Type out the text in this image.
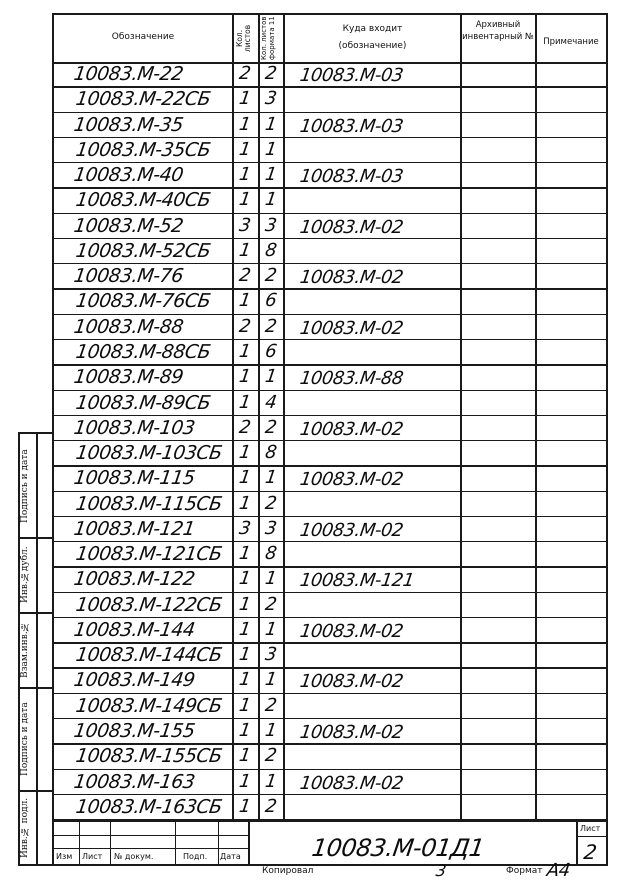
Обозначение	Кол. листов	Кол. листов формата 11	Куда входит
(обозначение)
Архивный инвентарный №	Примечание
10083.М-22	2 2 10083.М-03
10083.М-22СБ 1 3
10083.М-35	1 1 10083.М-03
10083.М-35СБ 1 1
10083.М-40	1 1 10083.М-03
10083.М-40СБ 1 1
10083.М-52	3 3 10083.М-02
10083.М-52СБ 1 8
10083.М-76	2 2 10083.М-02
10083.М-76СБ 1 6
10083.М-88	2 2 10083.М-02
10083.М-88СБ 1 6
10083.М-89	1 1 10083.М-88
10083.М-89СБ 1 4
10083.М-103 2 2 10083.М-02
10083.М-103СБ 1 8
10083.М-115 1 1 10083.М-02
10083.М-115СБ 1 2
10083.М-121 3 3 10083.М-02
10083.М-121СБ 1 8
10083.М-122 1 1 10083.М-121
10083.М-122СБ 1 2
10083.М-144 1 1 10083.М-02
10083.М-144СБ 1 3
10083.М-149 1 1 10083.М-02
10083.М-149СБ 1 2
10083.М-155 1 1 10083.М-02
10083.М-155СБ 1 2
10083.М-163 1 1 10083.М-02
10083.М-163СБ 1 2
Подпись и дата
Инв.№дубл.
Взам.инв.№
Подпись и дата
Инв.№ подл.	Изм Лист № докум.	Подп. Дата	10083.М-01Д1
Лист
2
Копировал	3	Формат А4
